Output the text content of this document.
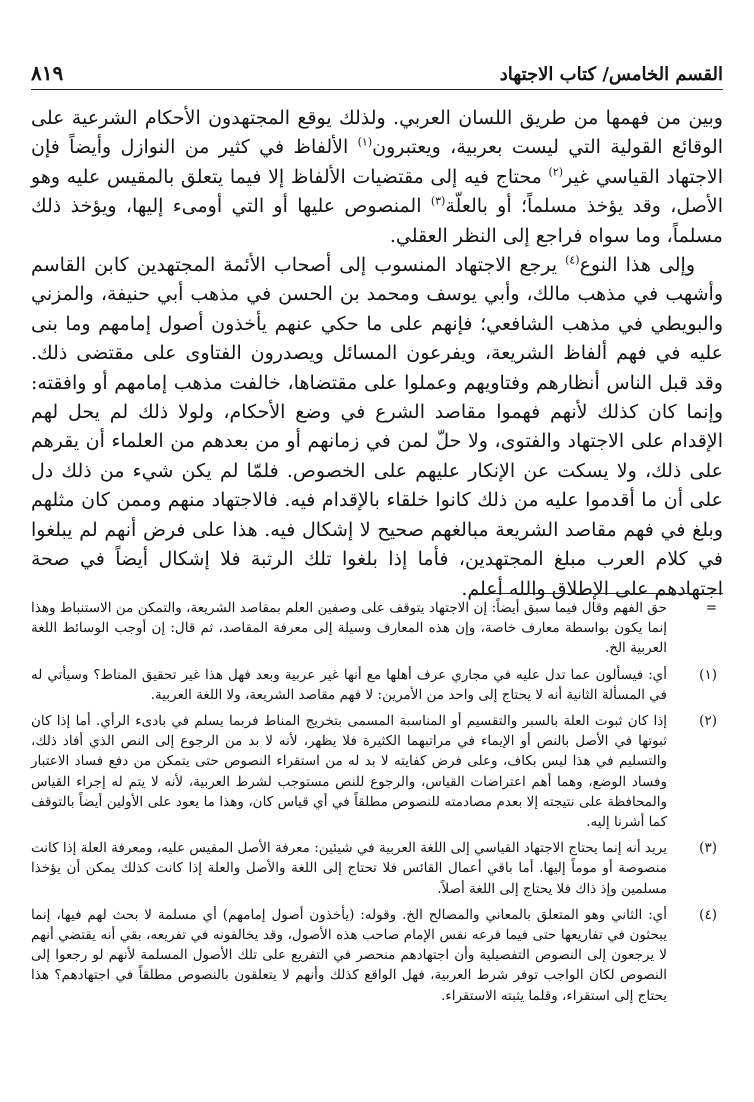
القسم الخامس/ كتاب الاجتهاد
٨١٩

وبين من فهمها من طريق اللسان العربي. ولذلك يوقع المجتهدون الأحكام الشرعية على الوقائع القولية التي ليست بعربية، ويعتبرون$^{(١)}$ الألفاظ في كثير من النوازل وأيضاً فإن الاجتهاد القياسي غير$^{(٢)}$ محتاج فيه إلى مقتضيات الألفاظ إلا فيما يتعلق بالمقيس عليه وهو الأصل، وقد يؤخذ مسلماً؛ أو بالعلّة$^{(٣)}$ المنصوص عليها أو التي أومىء إليها، ويؤخذ ذلك مسلماً، وما سواه فراجع إلى النظر العقلي.

وإلى هذا النوع$^{(٤)}$ يرجع الاجتهاد المنسوب إلى أصحاب الأئمة المجتهدين كابن القاسم وأشهب في مذهب مالك، وأبي يوسف ومحمد بن الحسن في مذهب أبي حنيفة، والمزني والبويطي في مذهب الشافعي؛ فإنهم على ما حكي عنهم يأخذون أصول إمامهم وما بنى عليه في فهم ألفاظ الشريعة، ويفرعون المسائل ويصدرون الفتاوى على مقتضى ذلك. وقد قبل الناس أنظارهم وفتاويهم وعملوا على مقتضاها، خالفت مذهب إمامهم أو وافقته: وإنما كان كذلك لأنهم فهموا مقاصد الشرع في وضع الأحكام، ولولا ذلك لم يحل لهم الإقدام على الاجتهاد والفتوى، ولا حلّ لمن في زمانهم أو من بعدهم من العلماء أن يقرهم على ذلك، ولا يسكت عن الإنكار عليهم على الخصوص. فلمّا لم يكن شيء من ذلك دل على أن ما أقدموا عليه من ذلك كانوا خلقاء بالإقدام فيه. فالاجتهاد منهم وممن كان مثلهم وبلغ في فهم مقاصد الشريعة مبالغهم صحيح لا إشكال فيه. هذا على فرض أنهم لم يبلغوا في كلام العرب مبلغ المجتهدين، فأما إذا بلغوا تلك الرتبة فلا إشكال أيضاً في صحة اجتهادهم على الإطلاق والله أعلم.

=
حق الفهم وقال فيما سبق أيضاً: إن الاجتهاد يتوقف على وصفين العلم بمقاصد الشريعة، والتمكن من الاستنباط وهذا إنما يكون بواسطة معارف خاصة، وإن هذه المعارف وسيلة إلى معرفة المقاصد، ثم قال: إن أوجب الوسائط اللغة العربية الخ.
(١)
أي: فيسألون عما تدل عليه في مجاري عرف أهلها مع أنها غير عربية وبعد فهل هذا غير تحقيق المناط؟ وسيأتي له في المسألة الثانية أنه لا يحتاج إلى واحد من الأمرين: لا فهم مقاصد الشريعة، ولا اللغة العربية.
(٢)
إذا كان ثبوت العلة بالسبر والتقسيم أو المناسبة المسمى بتخريج المناط فربما يسلم في بادىء الرأي. أما إذا كان ثبوتها في الأصل بالنص أو الإيماء في مراتبهما الكثيرة فلا يظهر، لأنه لا بد من الرجوع إلى النص الذي أفاد ذلك، والتسليم في هذا ليس بكاف، وعلى فرض كفايته لا بد له من استقراء النصوص حتى يتمكن من دفع فساد الاعتبار وفساد الوضع، وهما أهم اعتراضات القياس، والرجوع للنص مستوجب لشرط العربية، لأنه لا يتم له إجراء القياس والمحافظة على نتيجته إلا بعدم مصادمته للنصوص مطلقاً في أي قياس كان، وهذا ما يعود على الأولين أيضاً بالتوقف كما أشرنا إليه.
(٣)
يريد أنه إنما يحتاج الاجتهاد القياسي إلى اللغة العربية في شيئين: معرفة الأصل المقيس عليه، ومعرفة العلة إذا كانت منصوصة أو موماً إليها. أما باقي أعمال القائس فلا تحتاج إلى اللغة والأصل والعلة إذا كانت كذلك يمكن أن يؤخذا مسلمين وإذ ذاك فلا يحتاج إلى اللغة أصلاً.
(٤)
أي: الثاني وهو المتعلق بالمعاني والمصالح الخ. وقوله: (يأخذون أصول إمامهم) أي مسلمة لا بحث لهم فيها، إنما يبحثون في تفاريعها حتى فيما فرعه نفس الإمام صاحب هذه الأصول، وقد يخالفونه في تفريعه، بقي أنه يقتضي أنهم لا يرجعون إلى النصوص التفصيلية وأن اجتهادهم منحصر في التفريع على تلك الأصول المسلمة لأنهم لو رجعوا إلى النصوص لكان الواجب توفر شرط العربية، فهل الواقع كذلك وأنهم لا يتعلقون بالنصوص مطلقاً في اجتهادهم؟ هذا يحتاج إلى استقراء، وقلما يثبته الاستقراء.
